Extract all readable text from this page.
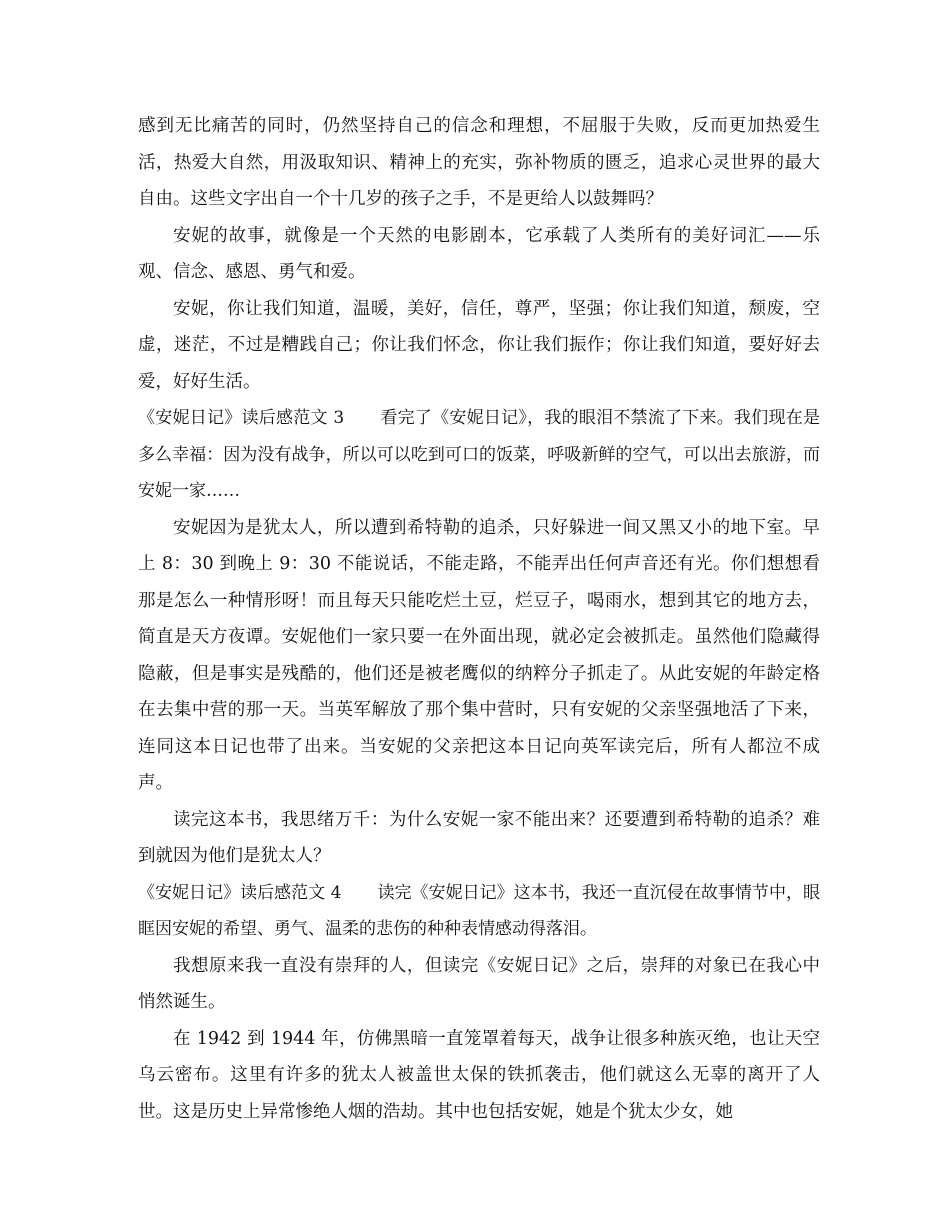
感到无比痛苦的同时，仍然坚持自己的信念和理想，不屈服于失败，反而更加热爱生活，热爱大自然，用汲取知识、精神上的充实，弥补物质的匮乏，追求心灵世界的最大自由。这些文字出自一个十几岁的孩子之手，不是更给人以鼓舞吗？

安妮的故事，就像是一个天然的电影剧本，它承载了人类所有的美好词汇——乐观、信念、感恩、勇气和爱。

安妮，你让我们知道，温暖，美好，信任，尊严，坚强；你让我们知道，颓废，空虚，迷茫，不过是糟践自己；你让我们怀念，你让我们振作；你让我们知道，要好好去爱，好好生活。

《安妮日记》读后感范文 3 看完了《安妮日记》，我的眼泪不禁流了下来。我们现在是多么幸福：因为没有战争，所以可以吃到可口的饭菜，呼吸新鲜的空气，可以出去旅游，而安妮一家……

安妮因为是犹太人，所以遭到希特勒的追杀，只好躲进一间又黑又小的地下室。早上 8：30 到晚上 9：30 不能说话，不能走路，不能弄出任何声音还有光。你们想想看那是怎么一种情形呀！而且每天只能吃烂土豆，烂豆子，喝雨水，想到其它的地方去，简直是天方夜谭。安妮他们一家只要一在外面出现，就必定会被抓走。虽然他们隐藏得隐蔽，但是事实是残酷的，他们还是被老鹰似的纳粹分子抓走了。从此安妮的年龄定格在去集中营的那一天。当英军解放了那个集中营时，只有安妮的父亲坚强地活了下来，连同这本日记也带了出来。当安妮的父亲把这本日记向英军读完后，所有人都泣不成声。

读完这本书，我思绪万千：为什么安妮一家不能出来？还要遭到希特勒的追杀？难到就因为他们是犹太人？

《安妮日记》读后感范文 4 读完《安妮日记》这本书，我还一直沉侵在故事情节中，眼眶因安妮的希望、勇气、温柔的悲伤的种种表情感动得落泪。

我想原来我一直没有崇拜的人，但读完《安妮日记》之后，崇拜的对象已在我心中悄然诞生。

在 1942 到 1944 年，仿佛黑暗一直笼罩着每天，战争让很多种族灭绝，也让天空乌云密布。这里有许多的犹太人被盖世太保的铁抓袭击，他们就这么无辜的离开了人世。这是历史上异常惨绝人烟的浩劫。其中也包括安妮，她是个犹太少女，她
